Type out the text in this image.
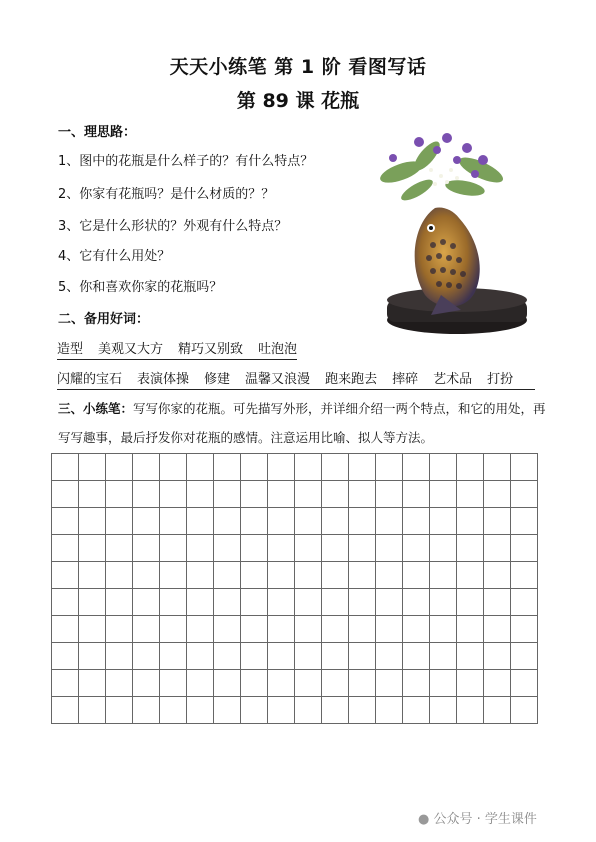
天天小练笔 第 1 阶 看图写话
第 89 课 花瓶
一、理思路：
1、图中的花瓶是什么样子的？有什么特点？
2、你家有花瓶吗？是什么材质的？？
3、它是什么形状的？外观有什么特点？
4、它有什么用处？
5、你和喜欢你家的花瓶吗？
二、备用好词：
造型 美观又大方 精巧又别致 吐泡泡
闪耀的宝石 表演体操 修建 温馨又浪漫 跑来跑去 摔碎 艺术品 打扮
三、小练笔：写写你家的花瓶。可先描写外形，并详细介绍一两个特点，和它的用处，再写写趣事，最后抒发你对花瓶的感情。注意运用比喻、拟人等方法。

● 公众号 · 学生课件
